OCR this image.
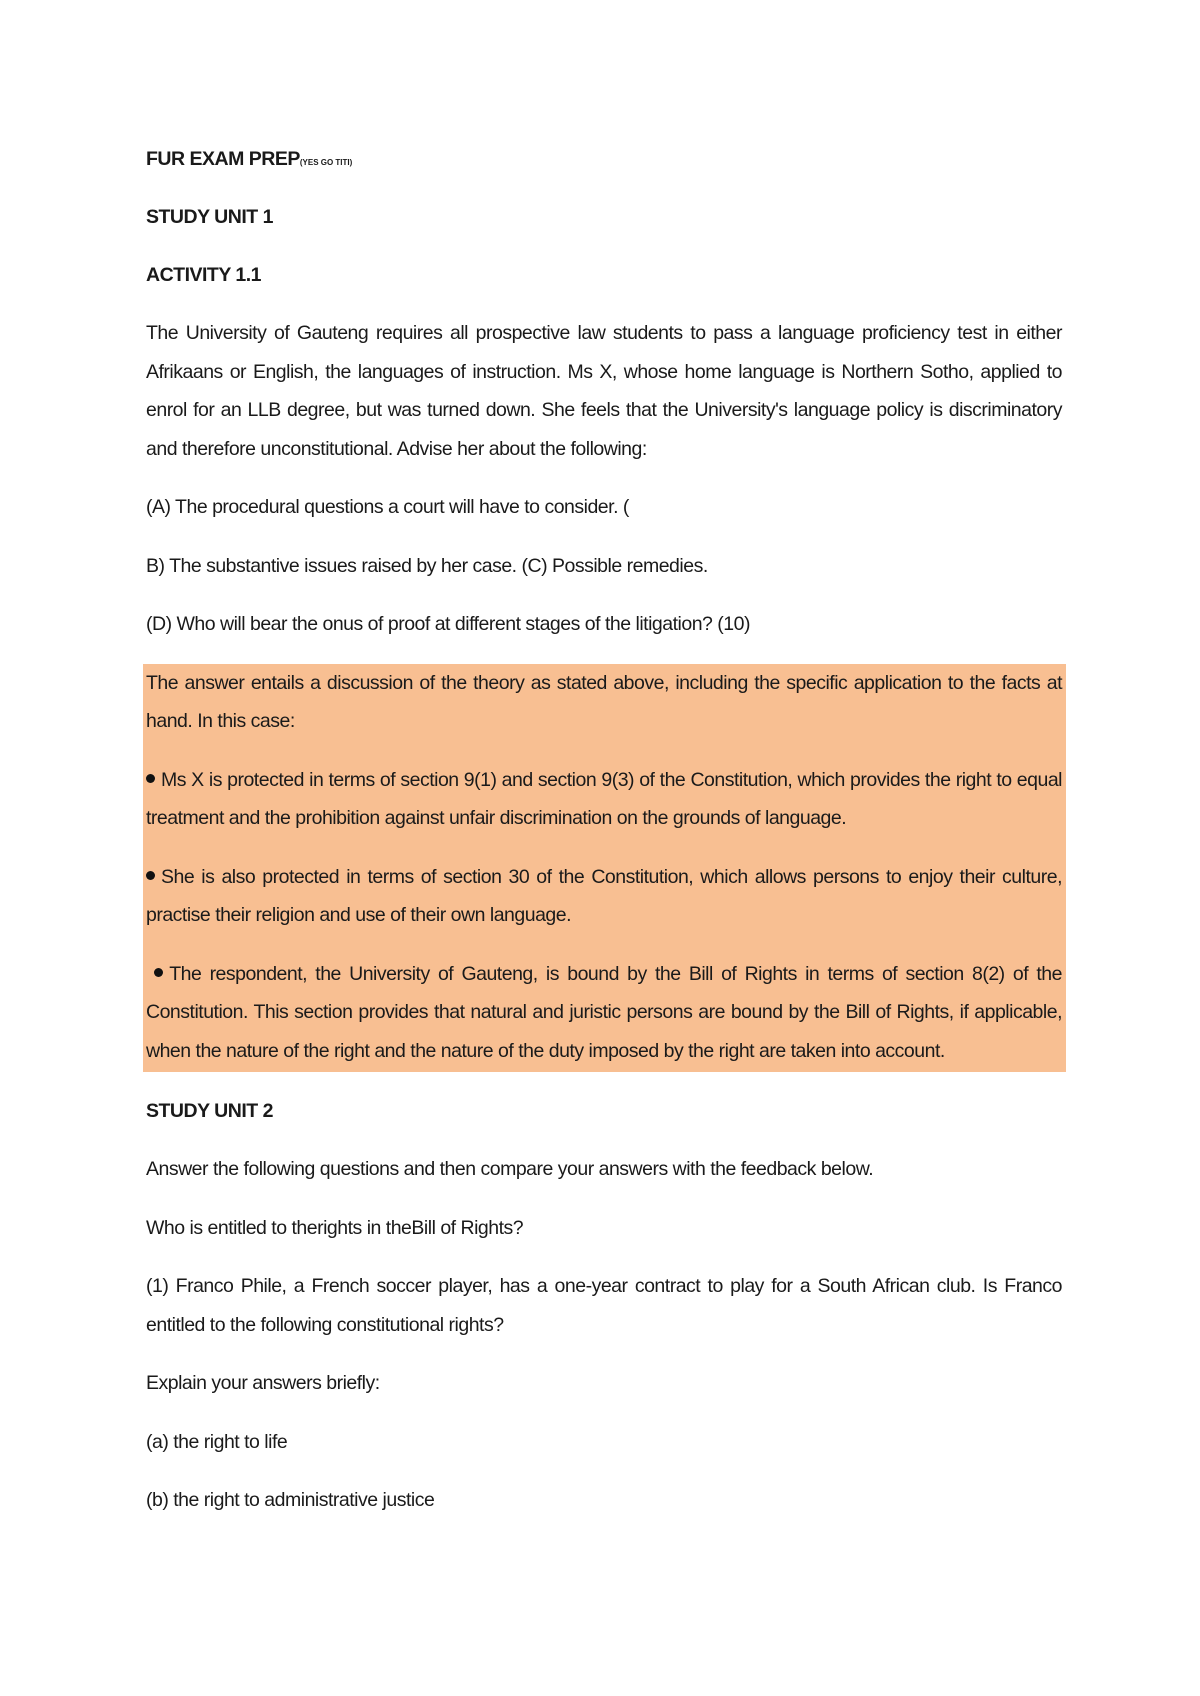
FUR EXAM PREP(YES GO TITI)
STUDY UNIT 1
ACTIVITY 1.1

The University of Gauteng requires all prospective law students to pass a language proficiency test in either Afrikaans or English, the languages of instruction. Ms X, whose home language is Northern Sotho, applied to enrol for an LLB degree, but was turned down. She feels that the University's language policy is discriminatory and therefore unconstitutional. Advise her about the following:

(A) The procedural questions a court will have to consider. (

B) The substantive issues raised by her case. (C) Possible remedies.

(D) Who will bear the onus of proof at different stages of the litigation? (10)

The answer entails a discussion of the theory as stated above, including the specific application to the facts at hand. In this case:

Ms X is protected in terms of section 9(1) and section 9(3) of the Constitution, which provides the right to equal treatment and the prohibition against unfair discrimination on the grounds of language.

She is also protected in terms of section 30 of the Constitution, which allows persons to enjoy their culture, practise their religion and use of their own language.

The respondent, the University of Gauteng, is bound by the Bill of Rights in terms of section 8(2) of the Constitution. This section provides that natural and juristic persons are bound by the Bill of Rights, if applicable, when the nature of the right and the nature of the duty imposed by the right are taken into account.

STUDY UNIT 2

Answer the following questions and then compare your answers with the feedback below.

Who is entitled to therights in theBill of Rights?

(1) Franco Phile, a French soccer player, has a one-year contract to play for a South African club. Is Franco entitled to the following constitutional rights?

Explain your answers briefly:

(a) the right to life

(b) the right to administrative justice
